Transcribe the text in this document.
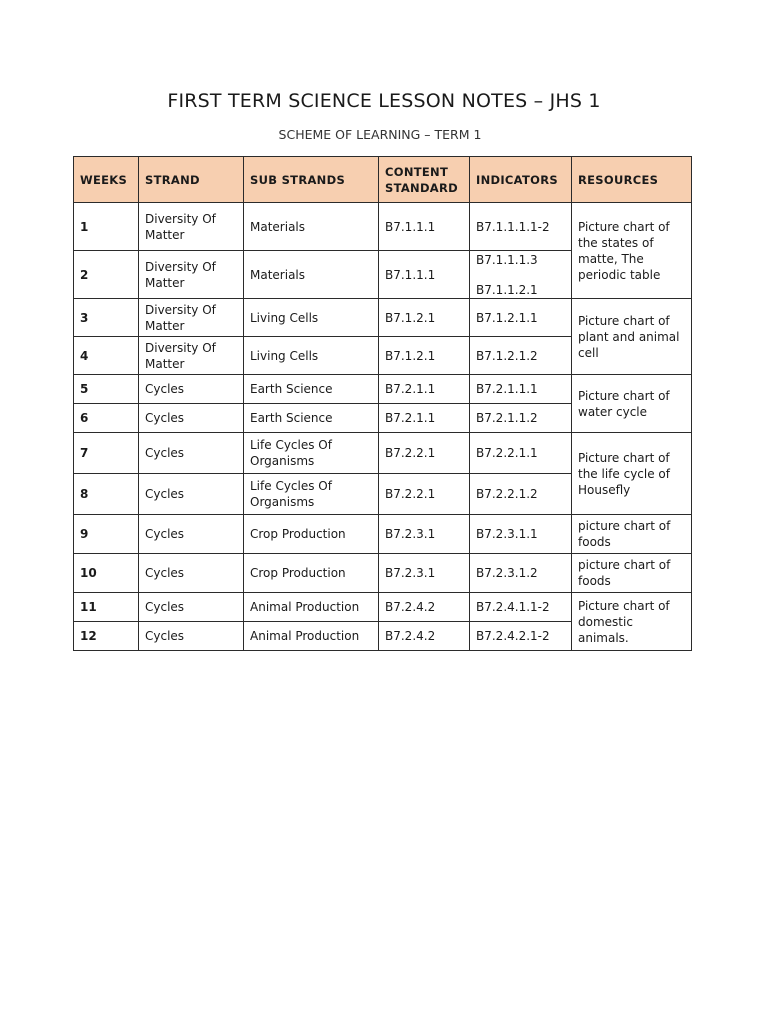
FIRST TERM SCIENCE LESSON NOTES – JHS 1
SCHEME OF LEARNING – TERM 1
WEEKS	STRAND	SUB STRANDS	CONTENT STANDARD	INDICATORS	RESOURCES
1	Diversity Of Matter	Materials	B7.1.1.1	B7.1.1.1.1-2	Picture chart of the states of matte, The periodic table
2	Diversity Of Matter	Materials	B7.1.1.1	B7.1.1.1.3
B7.1.1.2.1	

3	Diversity Of Matter	Living Cells	B7.1.2.1	B7.1.2.1.1	Picture chart of plant and animal cell
4	Diversity Of Matter	Living Cells	B7.1.2.1	B7.1.2.1.2	

5	Cycles	Earth Science	B7.2.1.1	B7.2.1.1.1	Picture chart of water cycle
6	Cycles	Earth Science	B7.2.1.1	B7.2.1.1.2	

7	Cycles	Life Cycles Of Organisms	B7.2.2.1	B7.2.2.1.1	Picture chart of the life cycle of Housefly
8	Cycles	Life Cycles Of Organisms	B7.2.2.1	B7.2.2.1.2	

9	Cycles	Crop Production	B7.2.3.1	B7.2.3.1.1	picture chart of foods
10	Cycles	Crop Production	B7.2.3.1	B7.2.3.1.2	picture chart of foods
11	Cycles	Animal Production	B7.2.4.2	B7.2.4.1.1-2	Picture chart of domestic animals.
12	Cycles	Animal Production	B7.2.4.2	B7.2.4.2.1-2	
